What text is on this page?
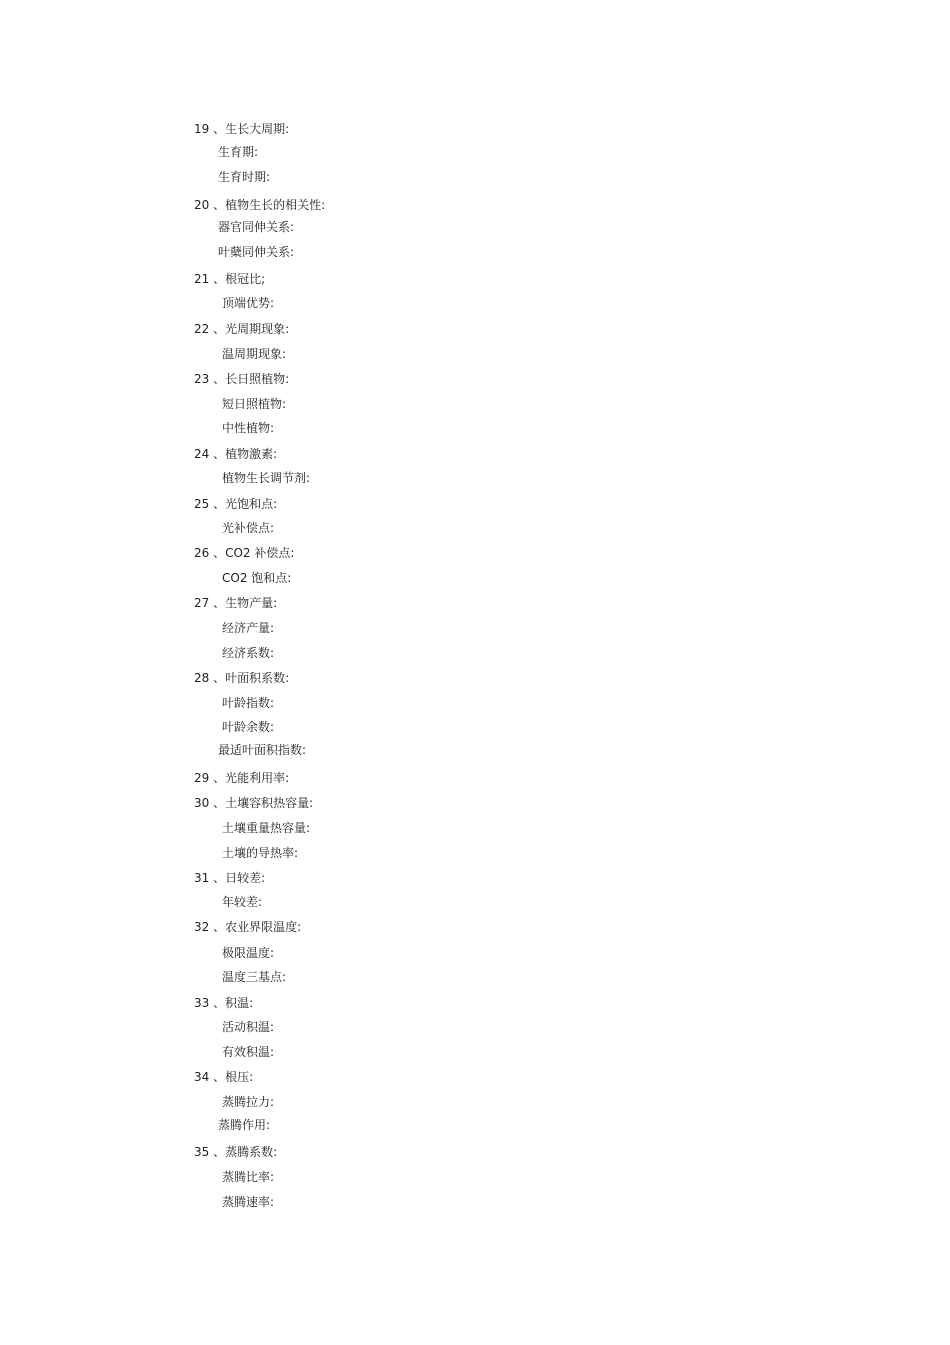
19 、生长大周期:
生育期:
生育时期:
20 、植物生长的相关性:
器官同伸关系:
叶蘖同伸关系:
21 、根冠比;
顶端优势:
22 、光周期现象:
温周期现象:
23 、长日照植物:
短日照植物:
中性植物:
24 、植物激素:
植物生长调节剂:
25 、光饱和点:
光补偿点:
26 、CO2 补偿点:
CO2 饱和点:
27 、生物产量:
经济产量:
经济系数:
28 、叶面积系数:
叶龄指数:
叶龄余数:
最适叶面积指数:
29 、光能利用率:
30 、土壤容积热容量:
土壤重量热容量:
土壤的导热率:
31 、日较差:
年较差:
32 、农业界限温度:
极限温度:
温度三基点:
33 、积温:
活动积温:
有效积温:
34 、根压:
蒸腾拉力:
蒸腾作用:
35 、蒸腾系数:
蒸腾比率:
蒸腾速率:
